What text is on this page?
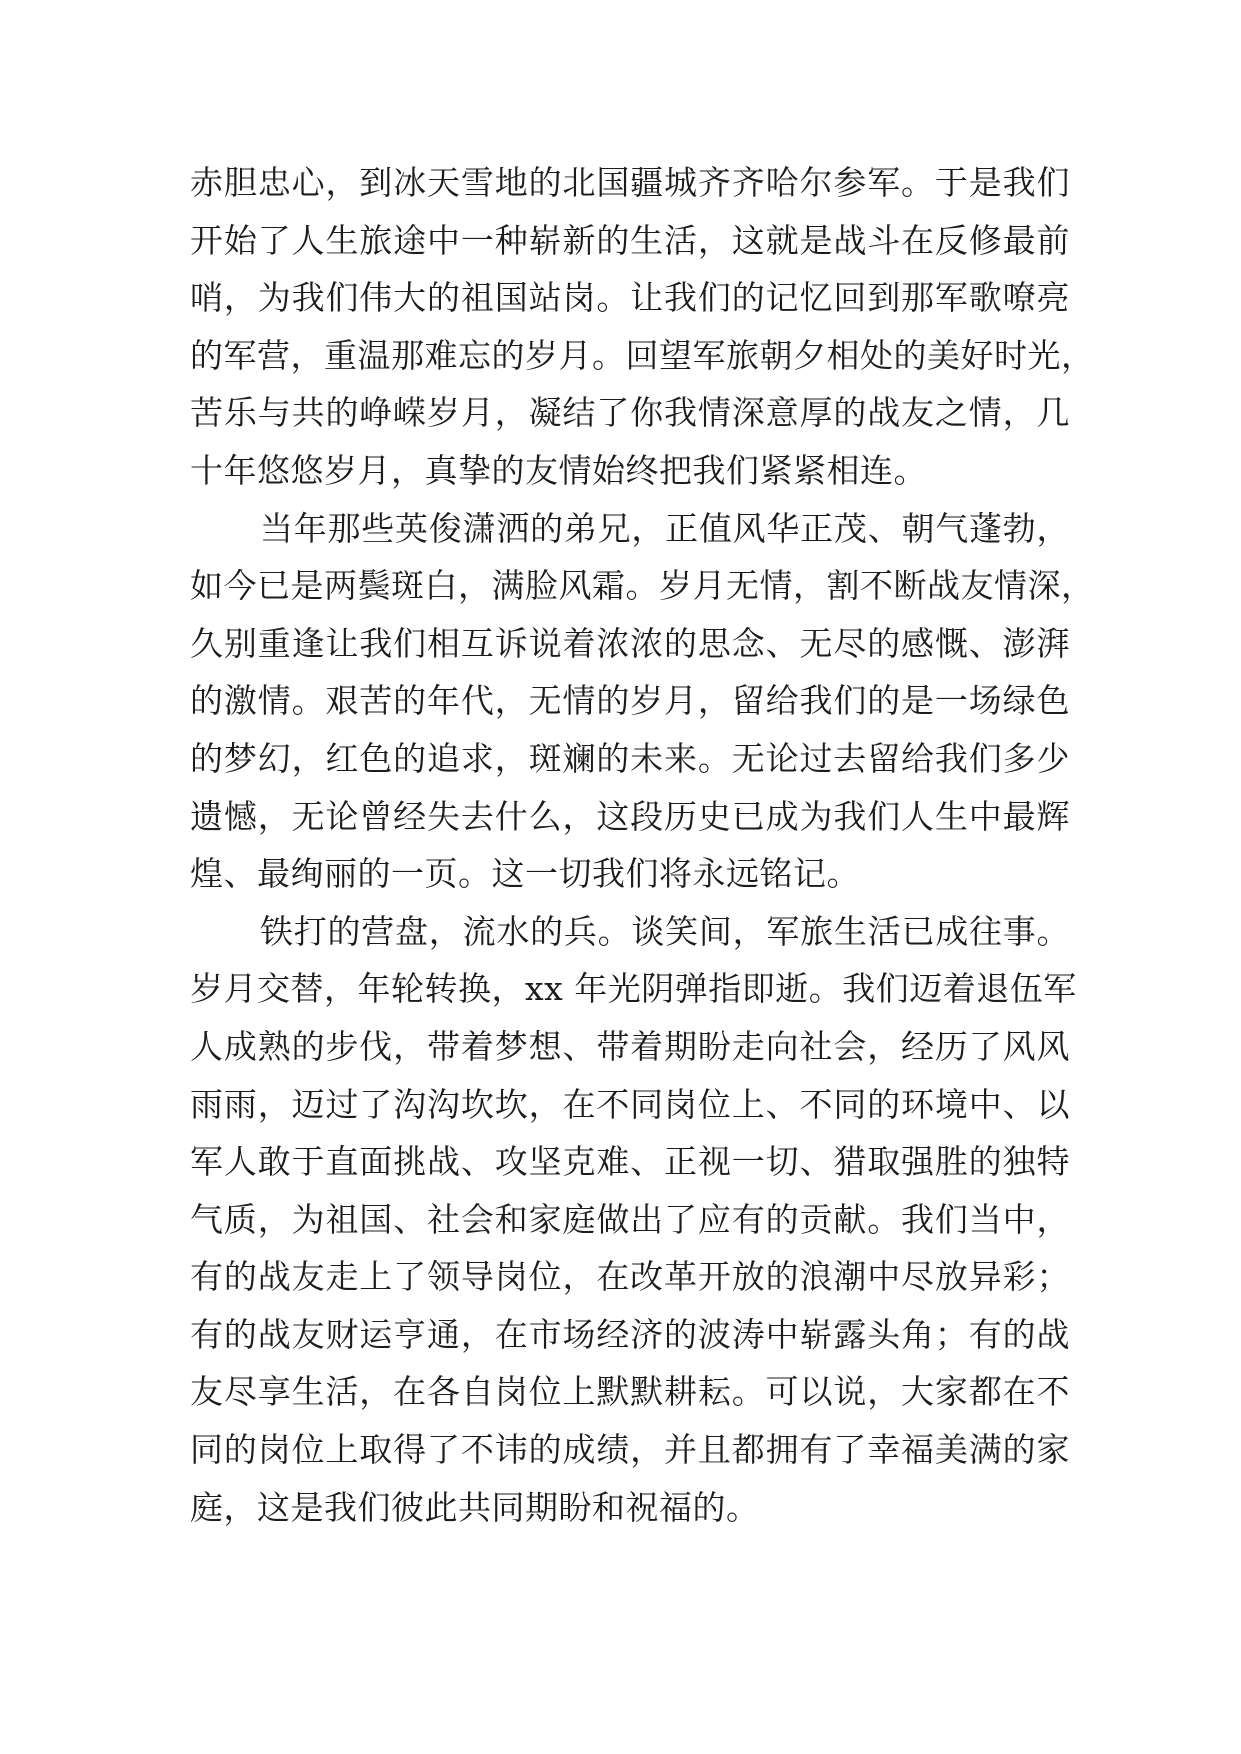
赤胆忠心，到冰天雪地的北国疆城齐齐哈尔参军。于是我们
开始了人生旅途中一种崭新的生活，这就是战斗在反修最前
哨，为我们伟大的祖国站岗。让我们的记忆回到那军歌嘹亮
的军营，重温那难忘的岁月。回望军旅朝夕相处的美好时光，
苦乐与共的峥嵘岁月，凝结了你我情深意厚的战友之情，几
十年悠悠岁月，真挚的友情始终把我们紧紧相连。
当年那些英俊潇洒的弟兄，正值风华正茂、朝气蓬勃，
如今已是两鬓斑白，满脸风霜。岁月无情，割不断战友情深，
久别重逢让我们相互诉说着浓浓的思念、无尽的感慨、澎湃
的激情。艰苦的年代，无情的岁月，留给我们的是一场绿色
的梦幻，红色的追求，斑斓的未来。无论过去留给我们多少
遗憾，无论曾经失去什么，这段历史已成为我们人生中最辉
煌、最绚丽的一页。这一切我们将永远铭记。
铁打的营盘，流水的兵。谈笑间，军旅生活已成往事。
岁月交替，年轮转换，xx 年光阴弹指即逝。我们迈着退伍军
人成熟的步伐，带着梦想、带着期盼走向社会，经历了风风
雨雨，迈过了沟沟坎坎，在不同岗位上、不同的环境中、以
军人敢于直面挑战、攻坚克难、正视一切、猎取强胜的独特
气质，为祖国、社会和家庭做出了应有的贡献。我们当中，
有的战友走上了领导岗位，在改革开放的浪潮中尽放异彩；
有的战友财运亨通，在市场经济的波涛中崭露头角；有的战
友尽享生活，在各自岗位上默默耕耘。可以说，大家都在不
同的岗位上取得了不讳的成绩，并且都拥有了幸福美满的家
庭，这是我们彼此共同期盼和祝福的。
